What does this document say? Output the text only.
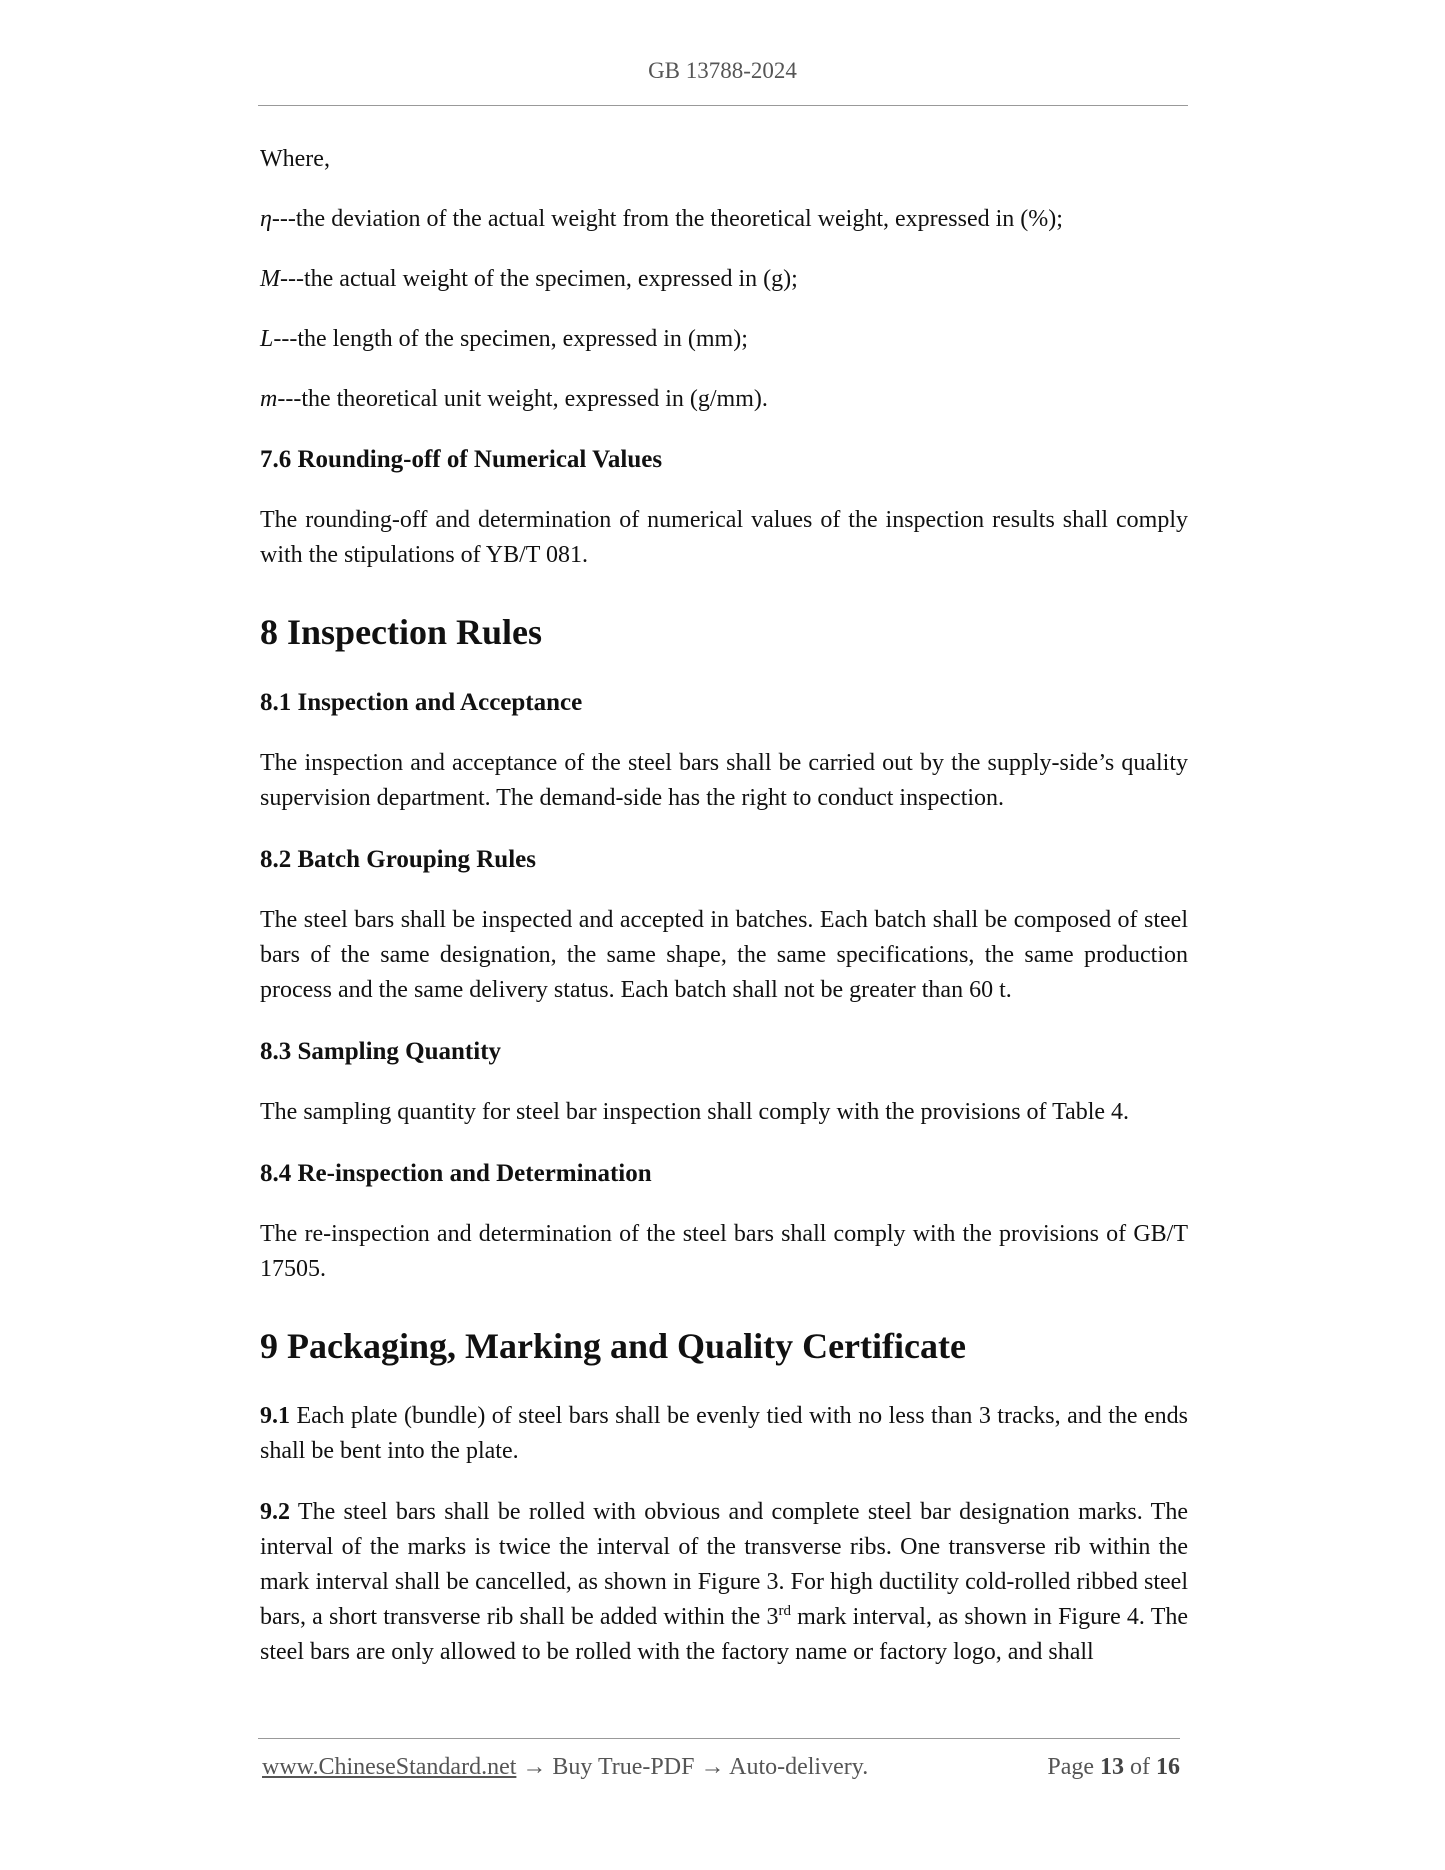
GB 13788-2024

Where,

η---the deviation of the actual weight from the theoretical weight, expressed in (%);

M---the actual weight of the specimen, expressed in (g);

L---the length of the specimen, expressed in (mm);

m---the theoretical unit weight, expressed in (g/mm).

7.6 Rounding-off of Numerical Values

The rounding-off and determination of numerical values of the inspection results shall comply with the stipulations of YB/T 081.

8 Inspection Rules
8.1 Inspection and Acceptance

The inspection and acceptance of the steel bars shall be carried out by the supply-side’s quality supervision department. The demand-side has the right to conduct inspection.

8.2 Batch Grouping Rules

The steel bars shall be inspected and accepted in batches. Each batch shall be composed of steel bars of the same designation, the same shape, the same specifications, the same production process and the same delivery status. Each batch shall not be greater than 60 t.

8.3 Sampling Quantity

The sampling quantity for steel bar inspection shall comply with the provisions of Table 4.

8.4 Re-inspection and Determination

The re-inspection and determination of the steel bars shall comply with the provisions of GB/T 17505.

9 Packaging, Marking and Quality Certificate

9.1 Each plate (bundle) of steel bars shall be evenly tied with no less than 3 tracks, and the ends shall be bent into the plate.

9.2 The steel bars shall be rolled with obvious and complete steel bar designation marks. The interval of the marks is twice the interval of the transverse ribs. One transverse rib within the mark interval shall be cancelled, as shown in Figure 3. For high ductility cold-rolled ribbed steel bars, a short transverse rib shall be added within the 3rd mark interval, as shown in Figure 4. The steel bars are only allowed to be rolled with the factory name or factory logo, and shall

www.ChineseStandard.net → Buy True-PDF → Auto-delivery.	Page 13 of 16
